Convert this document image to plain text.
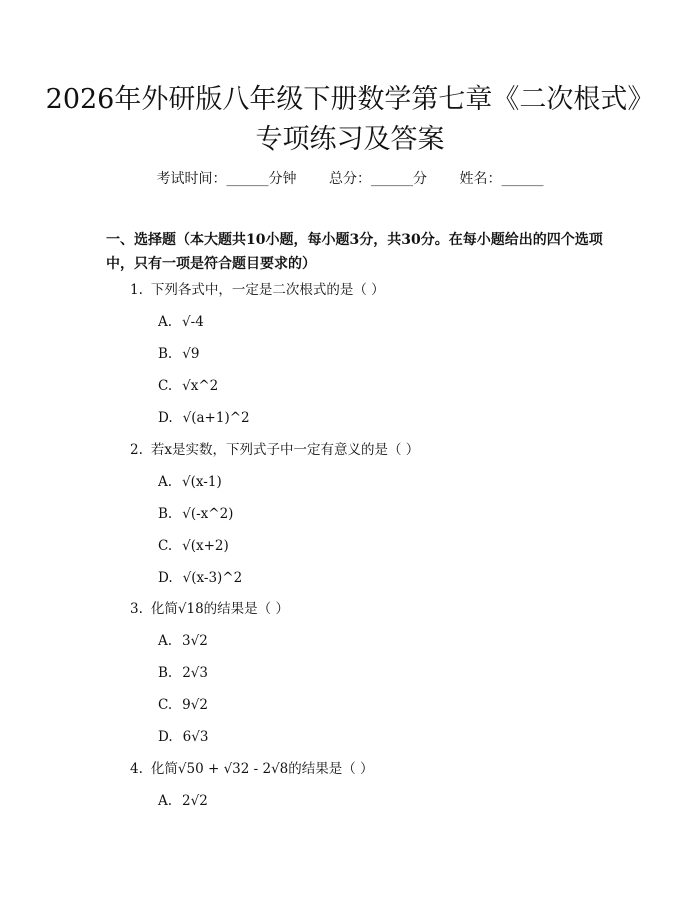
2026年外研版八年级下册数学第七章《二次根式》专项练习及答案
考试时间：______分钟 总分：______分 姓名：______

一、选择题（本大题共10小题，每小题3分，共30分。在每小题给出的四个选项中，只有一项是符合题目要求的）

1. 下列各式中，一定是二次根式的是（ ）
A. √-4
B. √9
C. √x^2
D. √(a+1)^2
2. 若x是实数，下列式子中一定有意义的是（ ）
A. √(x-1)
B. √(-x^2)
C. √(x+2)
D. √(x-3)^2
3. 化简√18的结果是（ ）
A. 3√2
B. 2√3
C. 9√2
D. 6√3
4. 化简√50 + √32 - 2√8的结果是（ ）
A. 2√2
